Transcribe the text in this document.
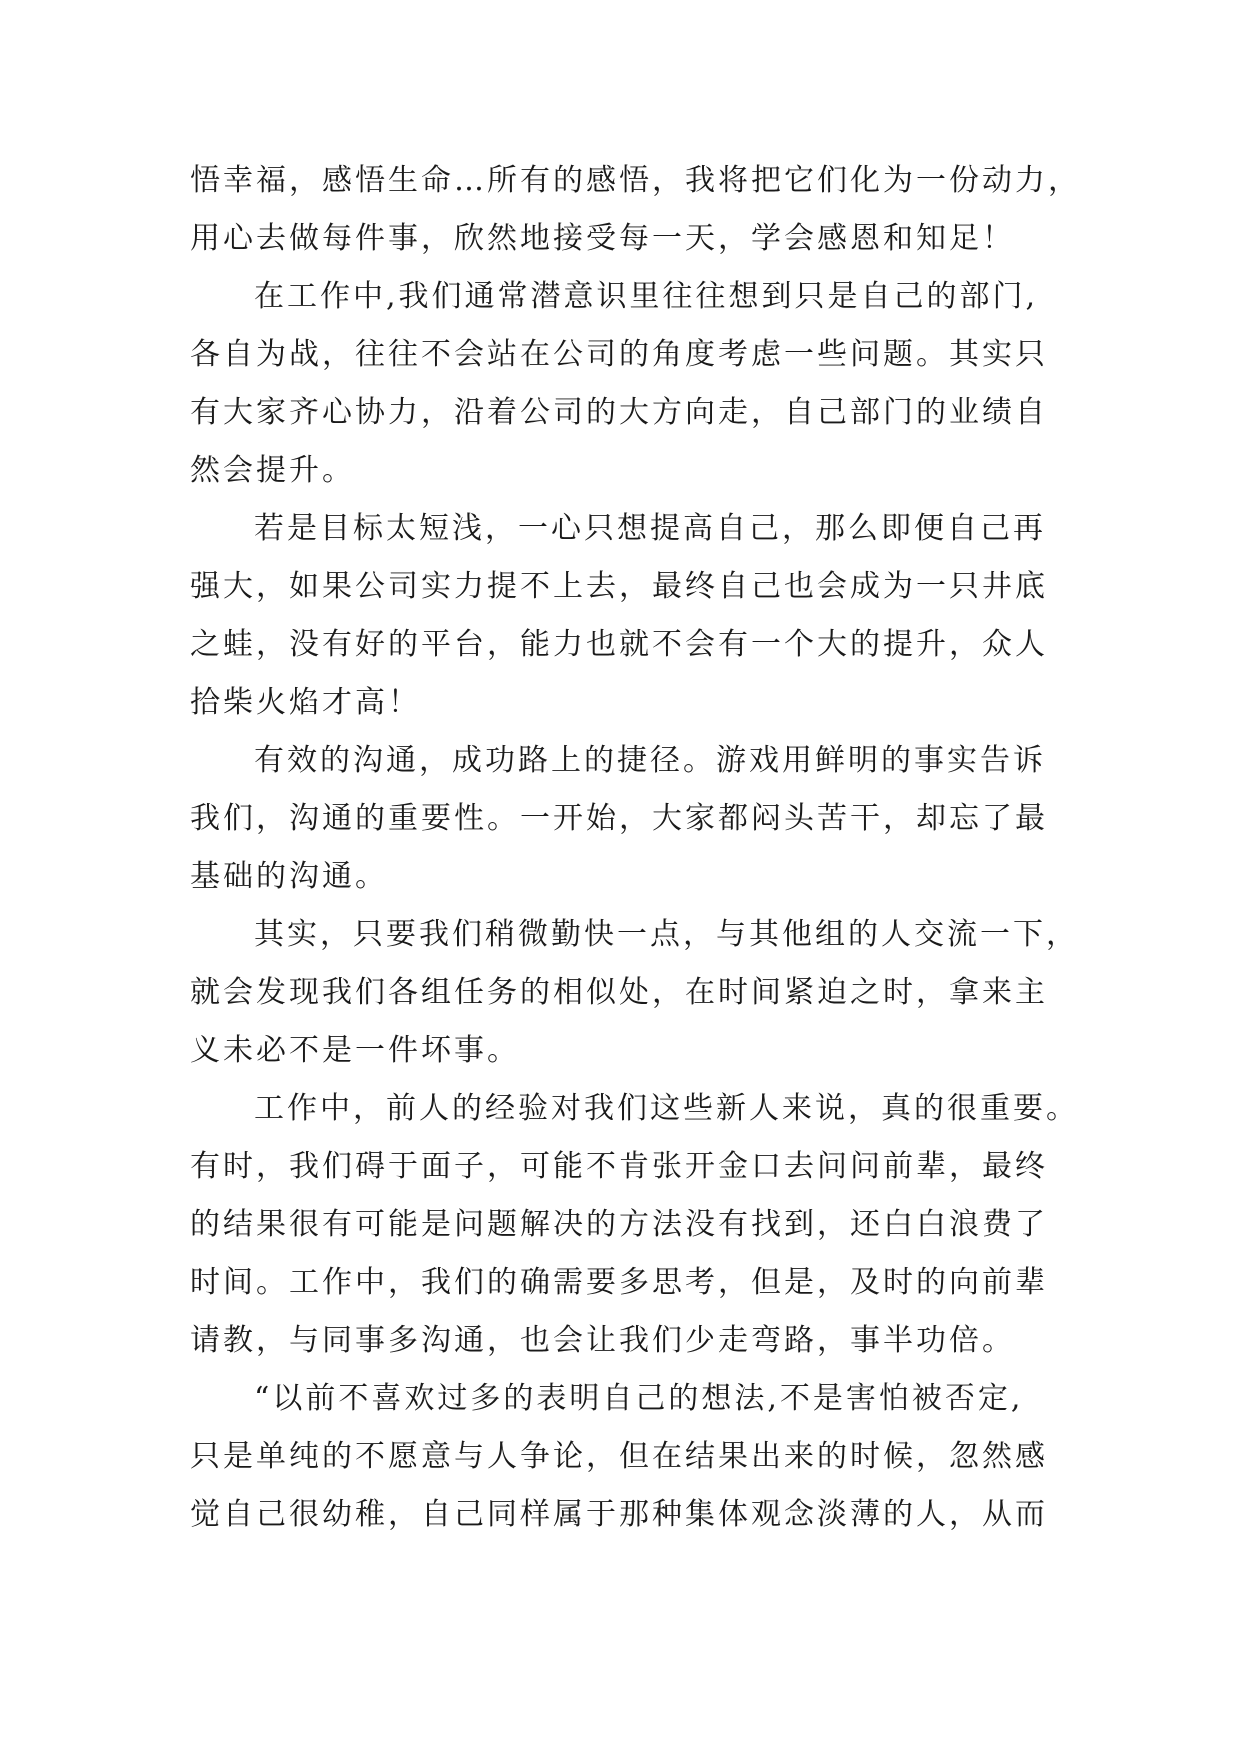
悟幸福，感悟生命…所有的感悟，我将把它们化为一份动力，
用心去做每件事，欣然地接受每一天，学会感恩和知足！
在工作中,我们通常潜意识里往往想到只是自己的部门,
各自为战，往往不会站在公司的角度考虑一些问题。其实只
有大家齐心协力，沿着公司的大方向走，自己部门的业绩自
然会提升。
若是目标太短浅，一心只想提高自己，那么即便自己再
强大，如果公司实力提不上去，最终自己也会成为一只井底
之蛙，没有好的平台，能力也就不会有一个大的提升，众人
拾柴火焰才高！
有效的沟通，成功路上的捷径。游戏用鲜明的事实告诉
我们，沟通的重要性。一开始，大家都闷头苦干，却忘了最
基础的沟通。
其实，只要我们稍微勤快一点，与其他组的人交流一下，
就会发现我们各组任务的相似处，在时间紧迫之时，拿来主
义未必不是一件坏事。
工作中，前人的经验对我们这些新人来说，真的很重要。
有时，我们碍于面子，可能不肯张开金口去问问前辈，最终
的结果很有可能是问题解决的方法没有找到，还白白浪费了
时间。工作中，我们的确需要多思考，但是，及时的向前辈
请教，与同事多沟通，也会让我们少走弯路，事半功倍。
“以前不喜欢过多的表明自己的想法,不是害怕被否定,
只是单纯的不愿意与人争论，但在结果出来的时候，忽然感
觉自己很幼稚，自己同样属于那种集体观念淡薄的人，从而
